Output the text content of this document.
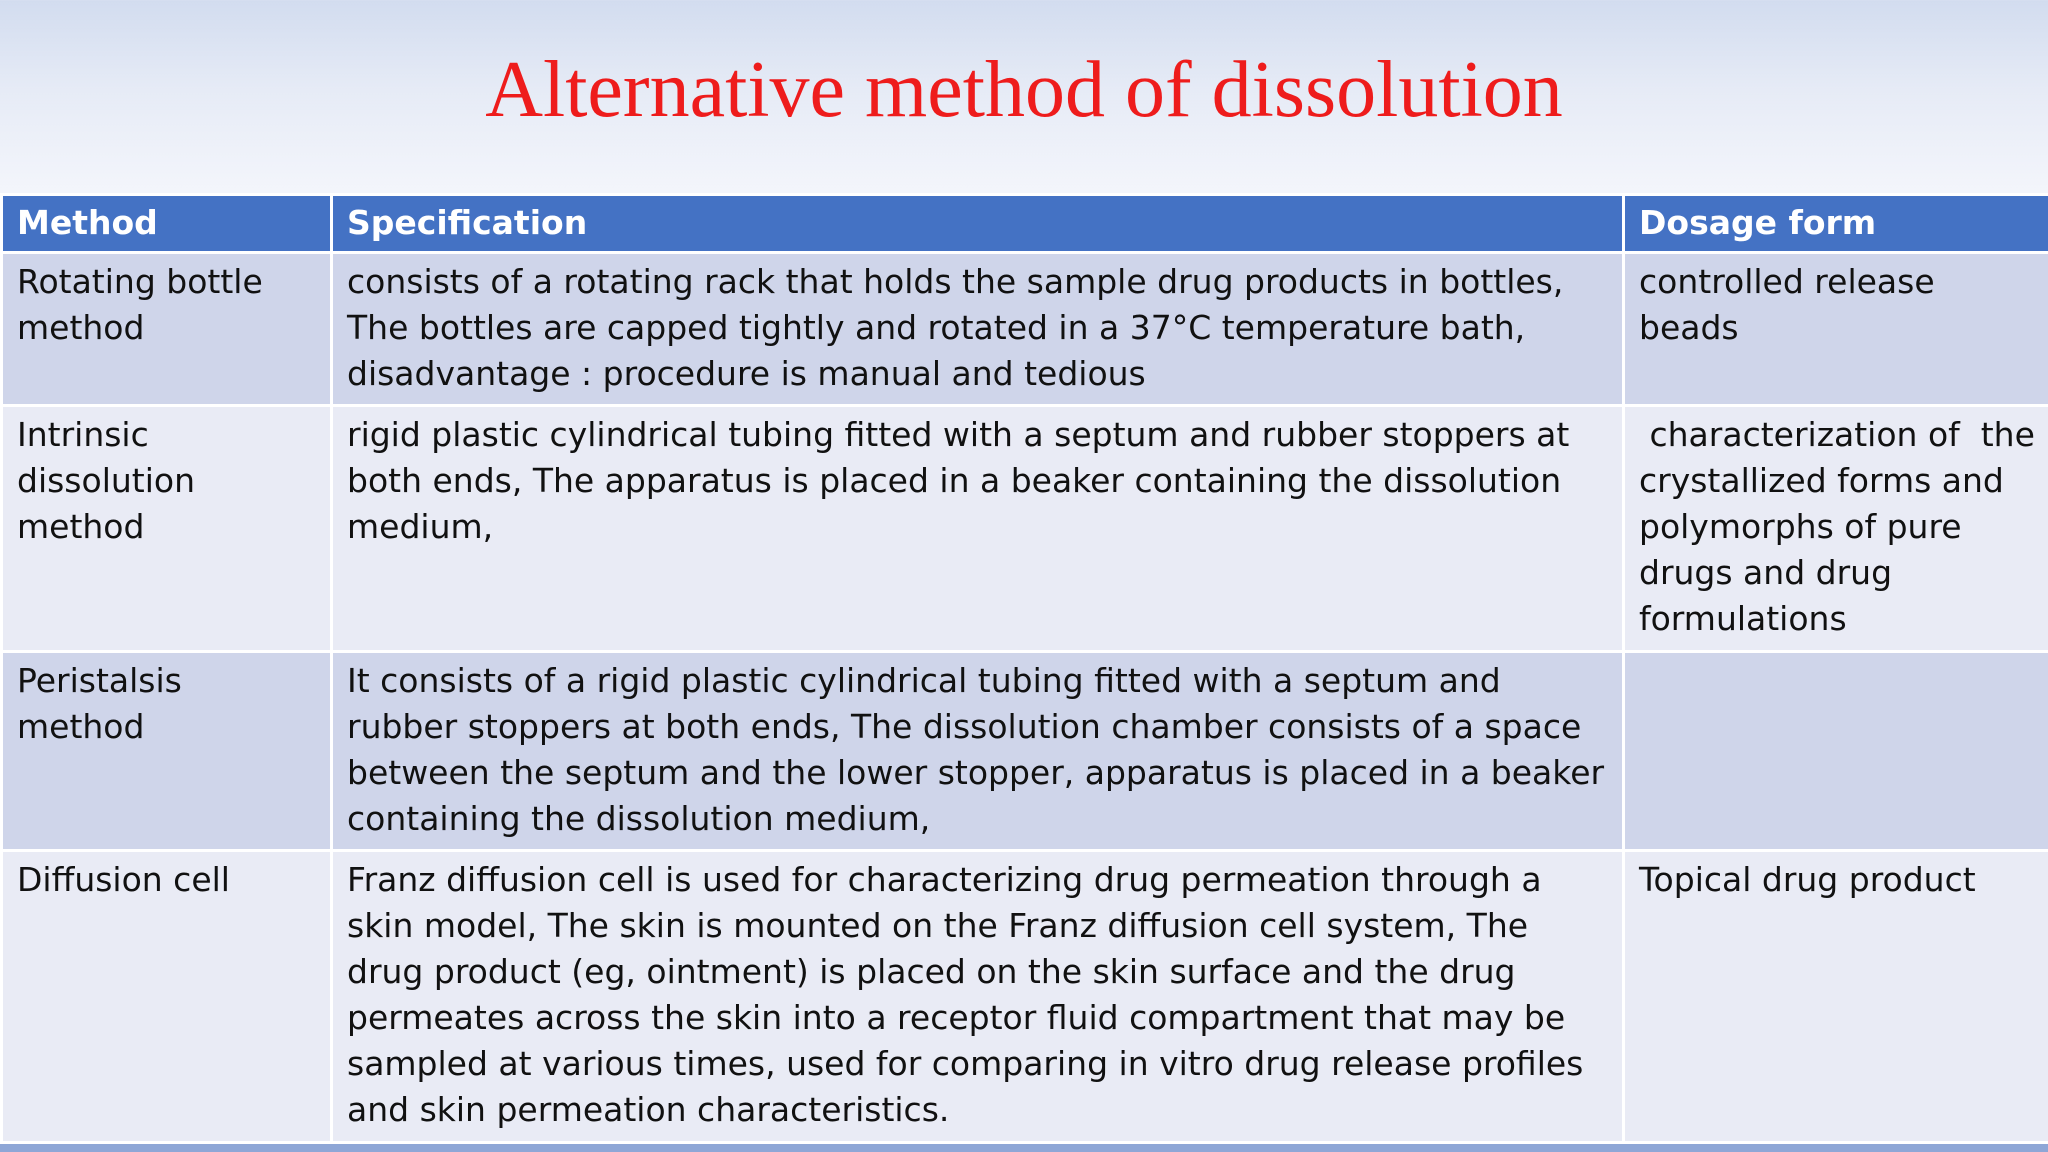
Alternative method of dissolution
Method	Specification	Dosage form
Rotating bottle method	consists of a rotating rack that holds the sample drug products in bottles, The bottles are capped tightly and rotated in a 37°C temperature bath, disadvantage : procedure is manual and tedious	controlled release beads
Intrinsic dissolution method	rigid plastic cylindrical tubing fitted with a septum and rubber stoppers at both ends, The apparatus is placed in a beaker containing the dissolution medium,	characterization of  the crystallized forms and polymorphs of pure drugs and drug formulations
Peristalsis method	It consists of a rigid plastic cylindrical tubing fitted with a septum and rubber stoppers at both ends, The dissolution chamber consists of a space between the septum and the lower stopper, apparatus is placed in a beaker containing the dissolution medium,	
Diffusion cell	Franz diffusion cell is used for characterizing drug permeation through a skin model, The skin is mounted on the Franz diffusion cell system, The drug product (eg, ointment) is placed on the skin surface and the drug permeates across the skin into a receptor fluid compartment that may be sampled at various times, used for comparing in vitro drug release profiles and skin permeation characteristics.	Topical drug product
